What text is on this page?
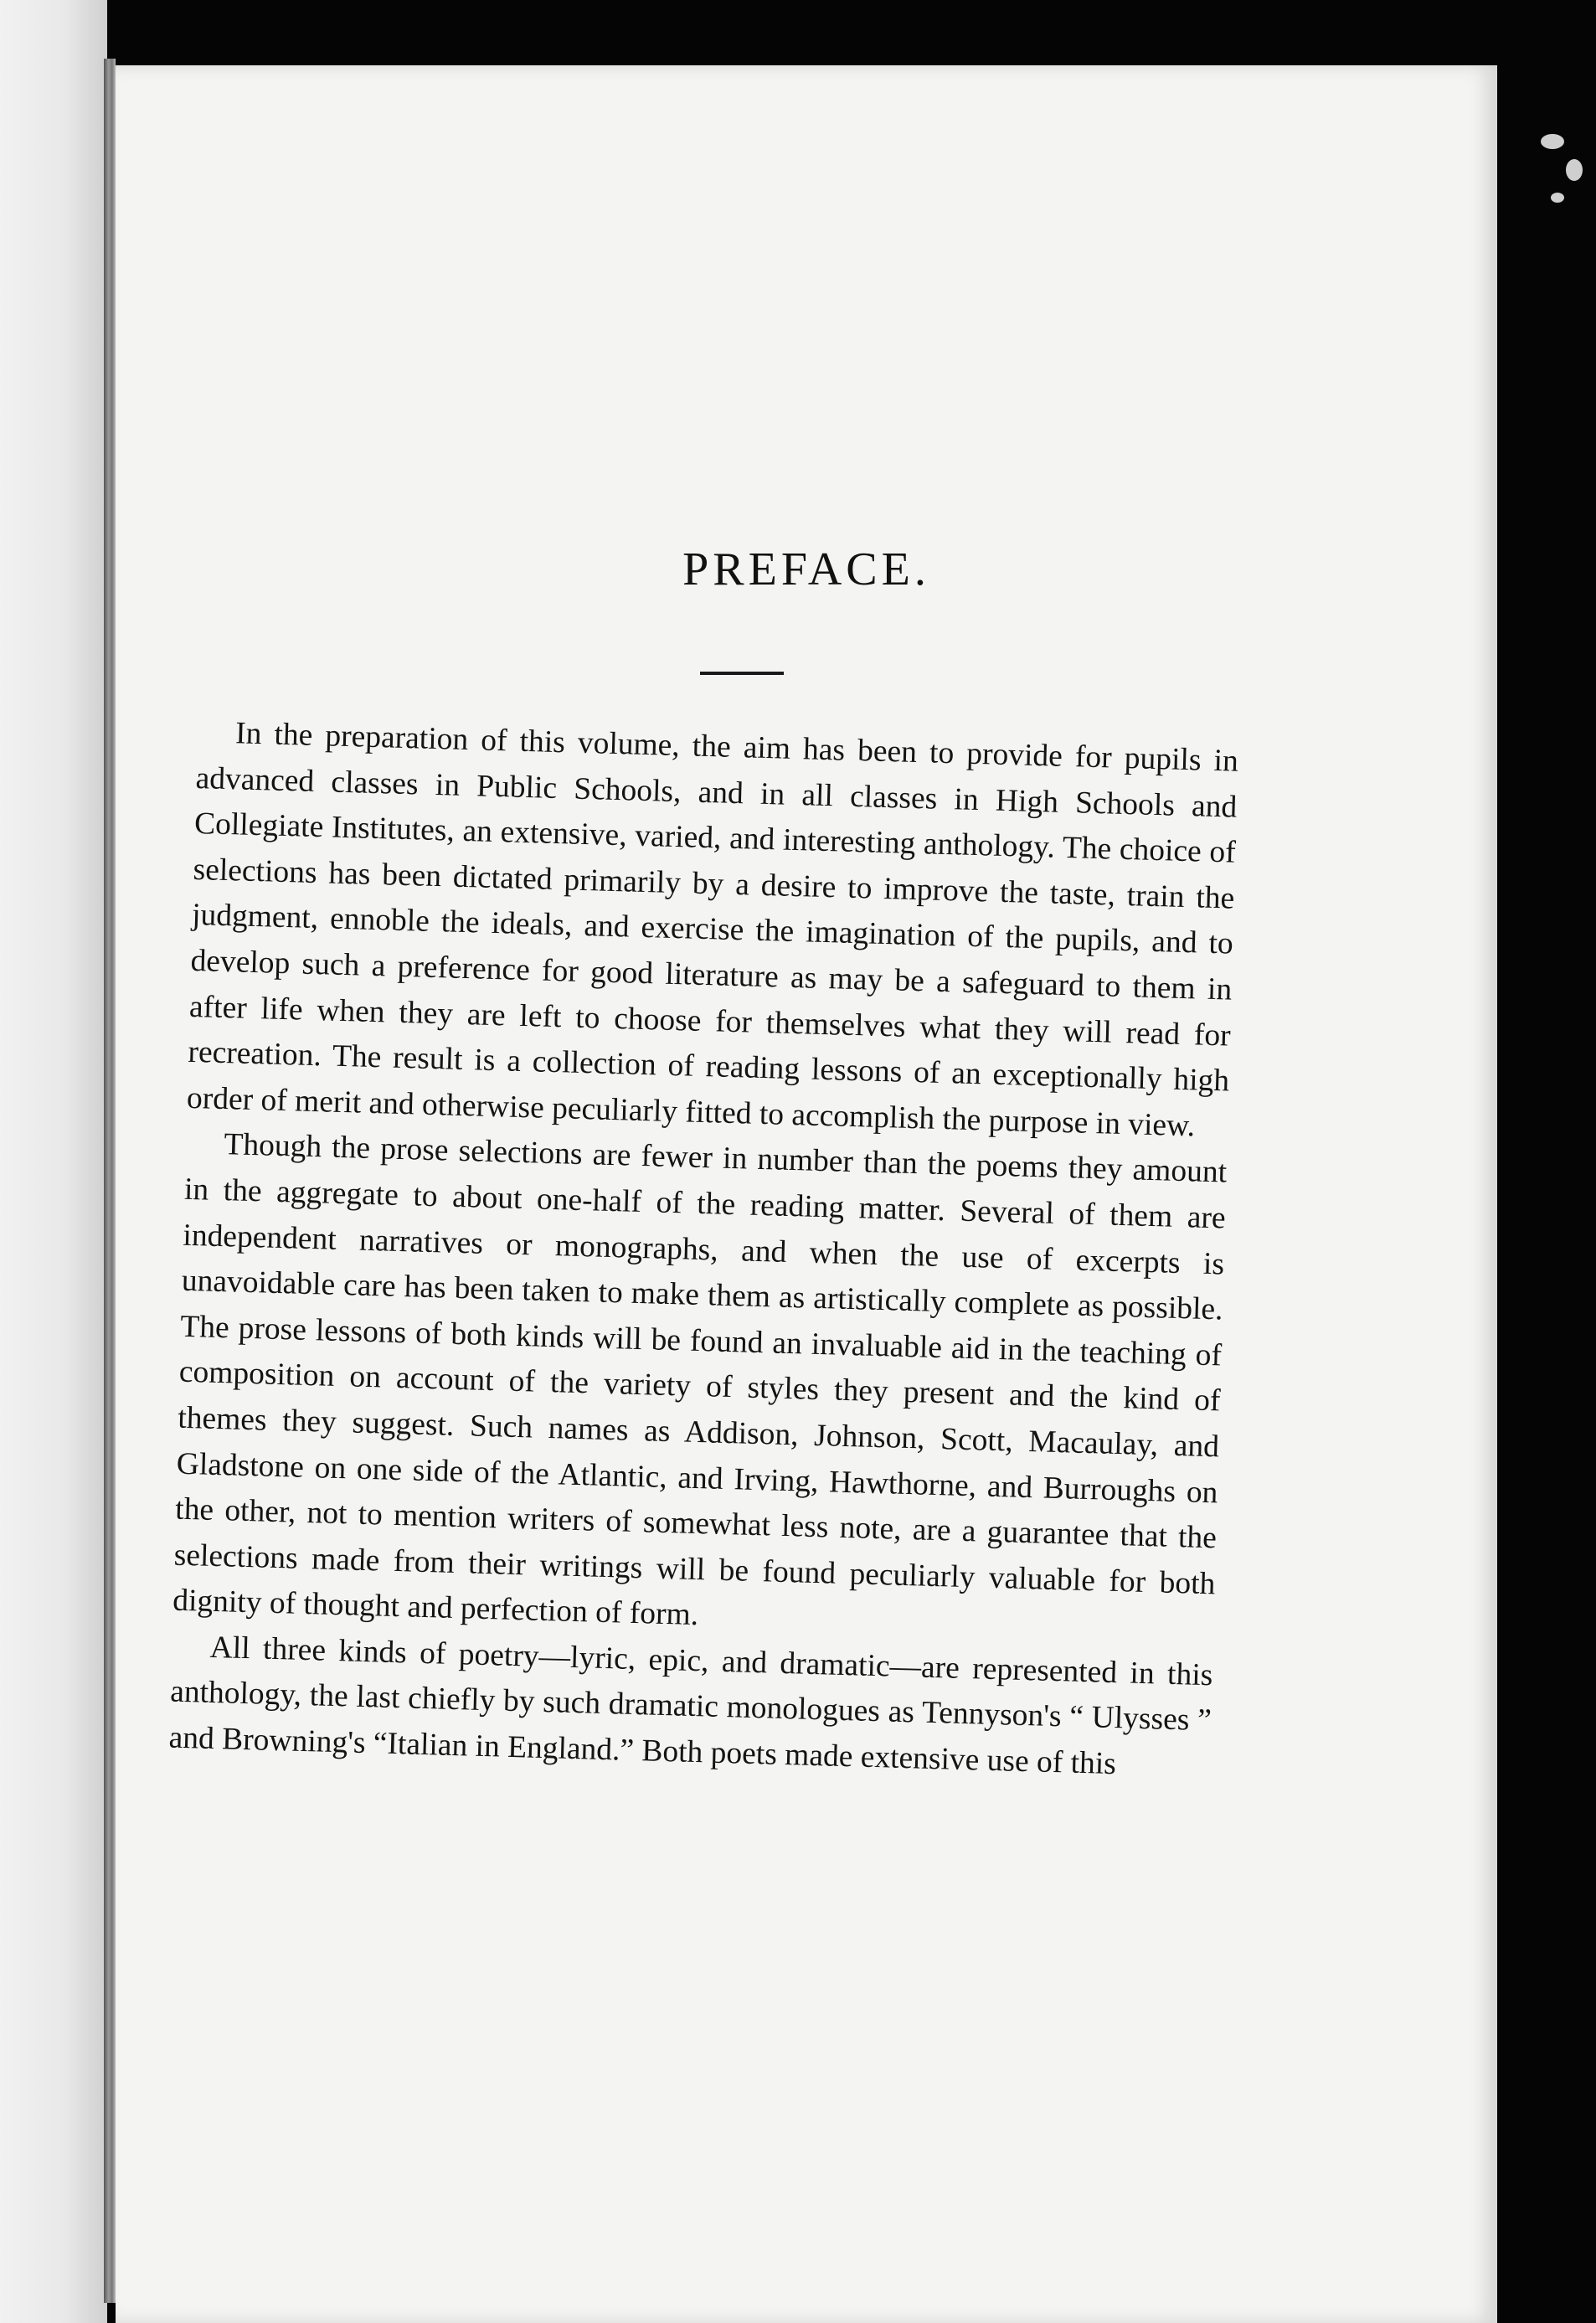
PREFACE.

In the preparation of this volume, the aim has been to provide for pupils in advanced classes in Public Schools, and in all classes in High Schools and Collegiate Institutes, an extensive, varied, and interesting anthology. The choice of selections has been dictated primarily by a desire to improve the taste, train the judgment, ennoble the ideals, and exercise the imagination of the pupils, and to develop such a preference for good literature as may be a safeguard to them in after life when they are left to choose for themselves what they will read for recreation. The result is a collection of reading lessons of an exceptionally high order of merit and otherwise peculiarly fitted to accomplish the purpose in view.

Though the prose selections are fewer in number than the poems they amount in the aggregate to about one-half of the reading matter. Several of them are independent narratives or monographs, and when the use of excerpts is unavoidable care has been taken to make them as artistically complete as possible. The prose lessons of both kinds will be found an invaluable aid in the teaching of composition on account of the variety of styles they present and the kind of themes they suggest. Such names as Addison, Johnson, Scott, Macaulay, and Gladstone on one side of the Atlantic, and Irving, Hawthorne, and Burroughs on the other, not to mention writers of somewhat less note, are a guarantee that the selections made from their writings will be found peculiarly valuable for both dignity of thought and perfection of form.

All three kinds of poetry—lyric, epic, and dramatic—are represented in this anthology, the last chiefly by such dramatic monologues as Tennyson's “ Ulysses ” and Browning's “Italian in England.” Both poets made extensive use of this
